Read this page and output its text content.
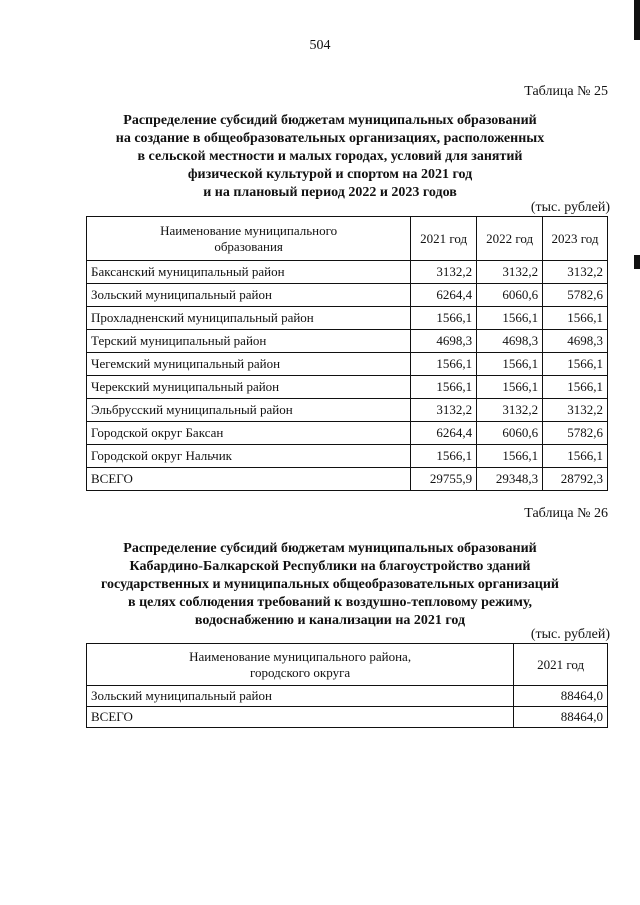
504
Таблица № 25
Распределение субсидий бюджетам муниципальных образований
на создание в общеобразовательных организациях, расположенных
в сельской местности и малых городах, условий для занятий
физической культурой и спортом на 2021 год
и на плановый период 2022 и 2023 годов
(тыс. рублей)
Наименование муниципального образования	2021 год	2022 год	2023 год
Баксанский муниципальный район	3132,2	3132,2	3132,2
Зольский муниципальный район	6264,4	6060,6	5782,6
Прохладненский муниципальный район	1566,1	1566,1	1566,1
Терский муниципальный район	4698,3	4698,3	4698,3
Чегемский муниципальный район	1566,1	1566,1	1566,1
Черекский муниципальный район	1566,1	1566,1	1566,1
Эльбрусский муниципальный район	3132,2	3132,2	3132,2
Городской округ Баксан	6264,4	6060,6	5782,6
Городской округ Нальчик	1566,1	1566,1	1566,1
ВСЕГО	29755,9	29348,3	28792,3
Таблица № 26
Распределение субсидий бюджетам муниципальных образований
Кабардино-Балкарской Республики на благоустройство зданий
государственных и муниципальных общеобразовательных организаций
в целях соблюдения требований к воздушно-тепловому режиму,
водоснабжению и канализации на 2021 год
(тыс. рублей)
Наименование муниципального района, городского округа	2021 год
Зольский муниципальный район	88464,0
ВСЕГО	88464,0
